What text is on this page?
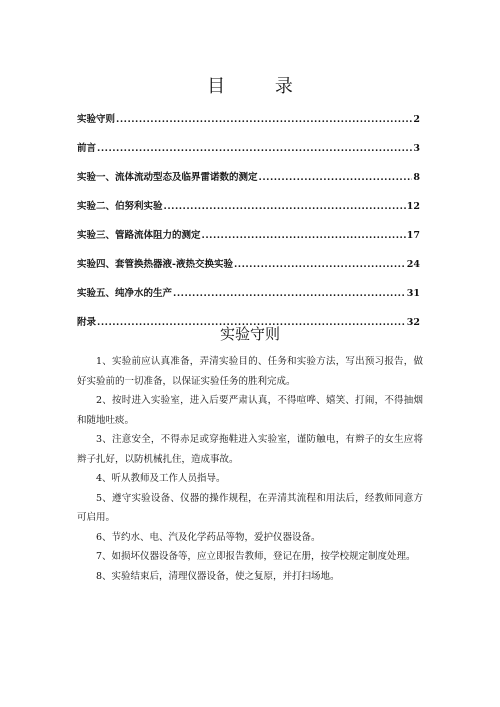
目 录
实验守则 .....	2
前言 .....	3
实验一、流体流动型态及临界雷诺数的测定 .....	8
实验二、伯努利实验 .....	12
实验三、管路流体阻力的测定 .....	17
实验四、套管换热器液-液热交换实验 .....	24
实验五、纯净水的生产 .....	31
附录 .....	32
实验守则

1、实验前应认真准备，弄清实验目的、任务和实验方法，写出预习报告，做好实验前的一切准备，以保证实验任务的胜利完成。

2、按时进入实验室，进入后要严肃认真，不得喧哗、嬉笑、打闹，不得抽烟和随地吐痰。

3、注意安全，不得赤足或穿拖鞋进入实验室，谨防触电，有辫子的女生应将辫子扎好，以防机械扎住，造成事故。

4、听从教师及工作人员指导。

5、遵守实验设备、仪器的操作规程，在弄清其流程和用法后，经教师同意方可启用。

6、节约水、电、汽及化学药品等物，爱护仪器设备。

7、如损坏仪器设备等，应立即报告教师，登记在册，按学校规定制度处理。

8、实验结束后，清理仪器设备，使之复原，并打扫场地。
